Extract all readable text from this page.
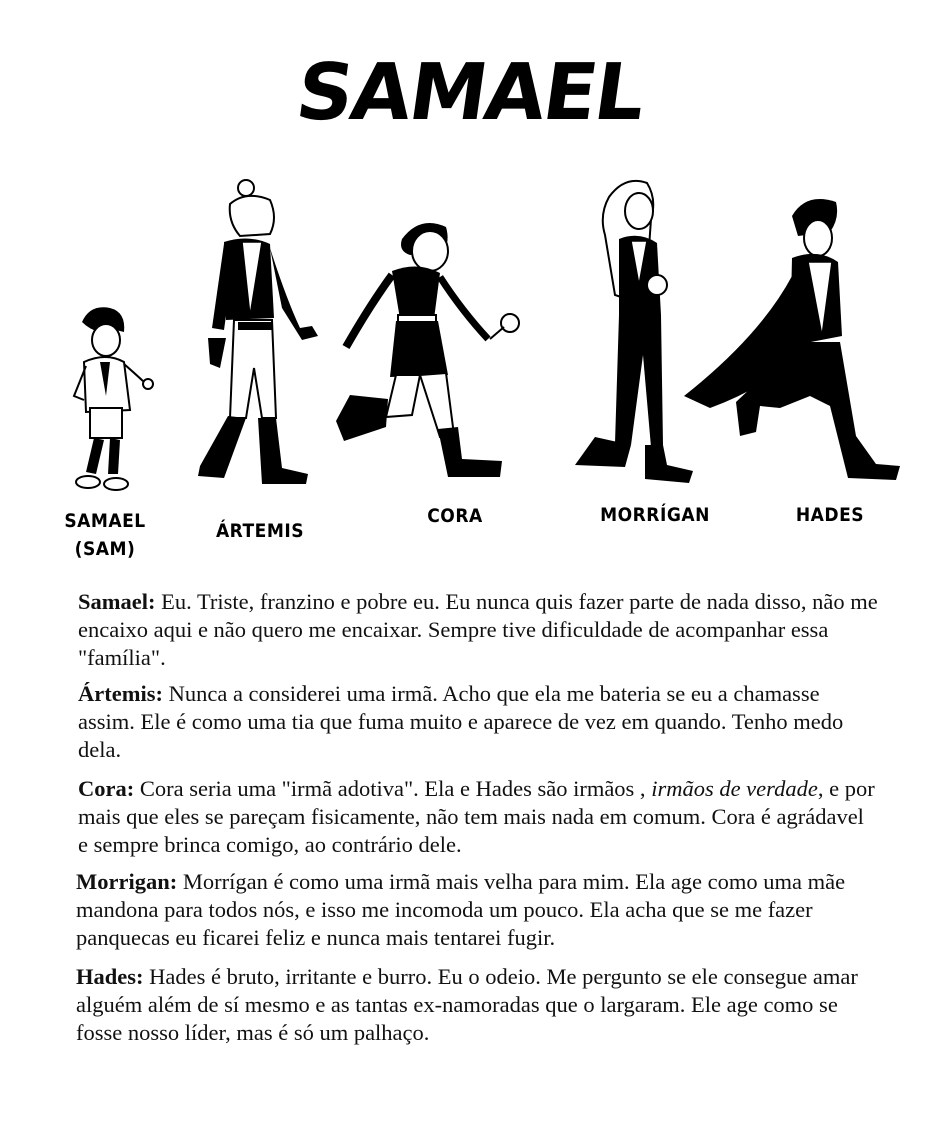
SAMAEL
SAMAEL
(SAM)
ÁRTEMIS
CORA	MORRÍGAN	HADES

Samael: Eu. Triste, franzino e pobre eu. Eu nunca quis fazer parte de nada disso, não me encaixo aqui e não quero me encaixar. Sempre tive dificuldade de acompanhar essa "família".

Ártemis: Nunca a considerei uma irmã. Acho que ela me bateria se eu a chamasse assim. Ele é como uma tia que fuma muito e aparece de vez em quando. Tenho medo dela.

Cora: Cora seria uma "irmã adotiva". Ela e Hades são irmãos , irmãos de verdade, e por mais que eles se pareçam fisicamente, não tem mais nada em comum. Cora é agrádavel e sempre brinca comigo, ao contrário dele.

Morrigan: Morrígan é como uma irmã mais velha para mim. Ela age como uma mãe mandona para todos nós, e isso me incomoda um pouco. Ela acha que se me fazer panquecas eu ficarei feliz e nunca mais tentarei fugir.

Hades: Hades é bruto, irritante e burro. Eu o odeio. Me pergunto se ele consegue amar alguém além de sí mesmo e as tantas ex-namoradas que o largaram. Ele age como se fosse nosso líder, mas é só um palhaço.
